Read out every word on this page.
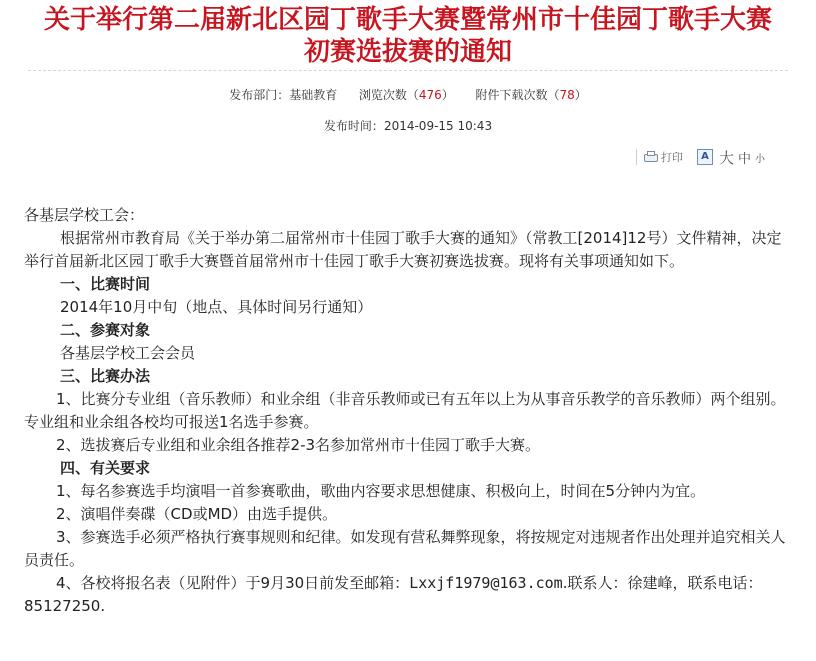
关于举行第二届新北区园丁歌手大赛暨常州市十佳园丁歌手大赛
初赛选拔赛的通知
发布部门：基础教育 浏览次数（476） 附件下载次数（78）
发布时间：2014-09-15 10:43
打印	A 大 中 小

各基层学校工会：

根据常州市教育局《关于举办第二届常州市十佳园丁歌手大赛的通知》（常教工[2014]12号）文件精神，决定举行首届新北区园丁歌手大赛暨首届常州市十佳园丁歌手大赛初赛选拔赛。现将有关事项通知如下。

一、比赛时间

2014年10月中旬（地点、具体时间另行通知）

二、参赛对象

各基层学校工会会员

三、比赛办法

1、比赛分专业组（音乐教师）和业余组（非音乐教师或已有五年以上为从事音乐教学的音乐教师）两个组别。专业组和业余组各校均可报送1名选手参赛。

2、选拔赛后专业组和业余组各推荐2-3名参加常州市十佳园丁歌手大赛。

四、有关要求

1、每名参赛选手均演唱一首参赛歌曲，歌曲内容要求思想健康、积极向上，时间在5分钟内为宜。

2、演唱伴奏碟（CD或MD）由选手提供。

3、参赛选手必须严格执行赛事规则和纪律。如发现有营私舞弊现象，将按规定对违规者作出处理并追究相关人员责任。

4、各校将报名表（见附件）于9月30日前发至邮箱：Lxxjf1979@163.com.联系人：徐建峰，联系电话：85127250.
